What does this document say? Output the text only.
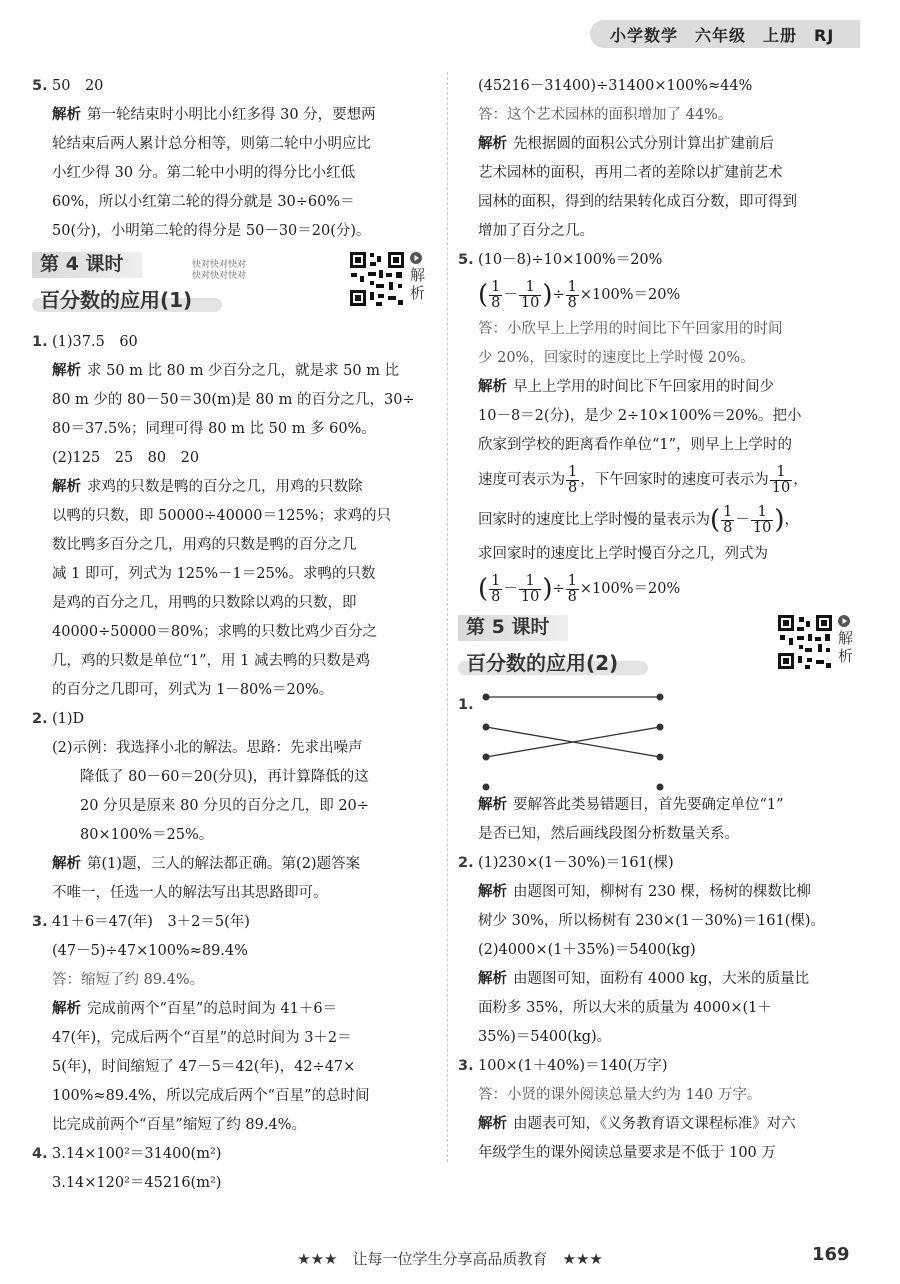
小学数学　六年级　上册　RJ
5. 50　20
解析 第一轮结束时小明比小红多得 30 分，要想两
轮结束后两人累计总分相等，则第二轮中小明应比
小红少得 30 分。第二轮中小明的得分比小红低
60%，所以小红第二轮的得分就是 30÷60%＝
50(分)，小明第二轮的得分是 50－30＝20(分)。
第 4 课时
百分数的应用(1)
快对快对快对
快对快对快对	解析
1. (1)37.5　60
解析 求 50 m 比 80 m 少百分之几，就是求 50 m 比
80 m 少的 80－50＝30(m)是 80 m 的百分之几，30÷
80＝37.5%；同理可得 80 m 比 50 m 多 60%。
(2)125　25　80　20
解析 求鸡的只数是鸭的百分之几，用鸡的只数除
以鸭的只数，即 50000÷40000＝125%；求鸡的只
数比鸭多百分之几，用鸡的只数是鸭的百分之几
减 1 即可，列式为 125%－1＝25%。求鸭的只数
是鸡的百分之几，用鸭的只数除以鸡的只数，即
40000÷50000＝80%；求鸭的只数比鸡少百分之
几，鸡的只数是单位“1”，用 1 减去鸭的只数是鸡
的百分之几即可，列式为 1－80%＝20%。
2. (1)D
(2)示例：我选择小北的解法。思路：先求出噪声
降低了 80－60＝20(分贝)，再计算降低的这
20 分贝是原来 80 分贝的百分之几，即 20÷
80×100%＝25%。
解析 第(1)题，三人的解法都正确。第(2)题答案
不唯一，任选一人的解法写出其思路即可。
3. 41＋6＝47(年)　3＋2＝5(年)
(47－5)÷47×100%≈89.4%
答：缩短了约 89.4%。
解析 完成前两个“百星”的总时间为 41＋6＝
47(年)，完成后两个“百星”的总时间为 3＋2＝
5(年)，时间缩短了 47－5＝42(年)，42÷47×
100%≈89.4%，所以完成后两个“百星”的总时间
比完成前两个“百星”缩短了约 89.4%。
4. 3.14×100²＝31400(m²)
3.14×120²＝45216(m²)
(45216－31400)÷31400×100%≈44%
答：这个艺术园林的面积增加了 44%。
解析 先根据圆的面积公式分别计算出扩建前后
艺术园林的面积，再用二者的差除以扩建前艺术
园林的面积，得到的结果转化成百分数，即可得到
增加了百分之几。
5. (10－8)÷10×100%＝20%
( $\frac{1}{8} - \frac{1}{10}$ ) ÷ $\frac{1}{8} \times 100\%=20\%$
答：小欣早上上学用的时间比下午回家用的时间
少 20%，回家时的速度比上学时慢 20%。
解析 早上上学用的时间比下午回家用的时间少
10－8＝2(分)，是少 2÷10×100%＝20%。把小
欣家到学校的距离看作单位“1”，则早上上学时的
速度可表示为 $\frac{1}{8}$ ，下午回家时的速度可表示为 $\frac{1}{10}$ ，
回家时的速度比上学时慢的量表示为 ( $\frac{1}{8} - \frac{1}{10}$ ) ，
求回家时的速度比上学时慢百分之几，列式为
( $\frac{1}{8} - \frac{1}{10}$ ) ÷ $\frac{1}{8} \times 100\%=20\%$
第 5 课时
百分数的应用(2)
解析
1.
解析 要解答此类易错题目，首先要确定单位“1”
是否已知，然后画线段图分析数量关系。
2. (1)230×(1－30%)＝161(棵)
解析 由题图可知，柳树有 230 棵，杨树的棵数比柳
树少 30%，所以杨树有 230×(1－30%)＝161(棵)。
(2)4000×(1＋35%)＝5400(kg)
解析 由题图可知，面粉有 4000 kg，大米的质量比
面粉多 35%，所以大米的质量为 4000×(1＋
35%)＝5400(kg)。
3. 100×(1＋40%)＝140(万字)
答：小贤的课外阅读总量大约为 140 万字。
解析 由题表可知，《义务教育语文课程标准》对六
年级学生的课外阅读总量要求是不低于 100 万
★★★　让每一位学生分享高品质教育　★★★	169
